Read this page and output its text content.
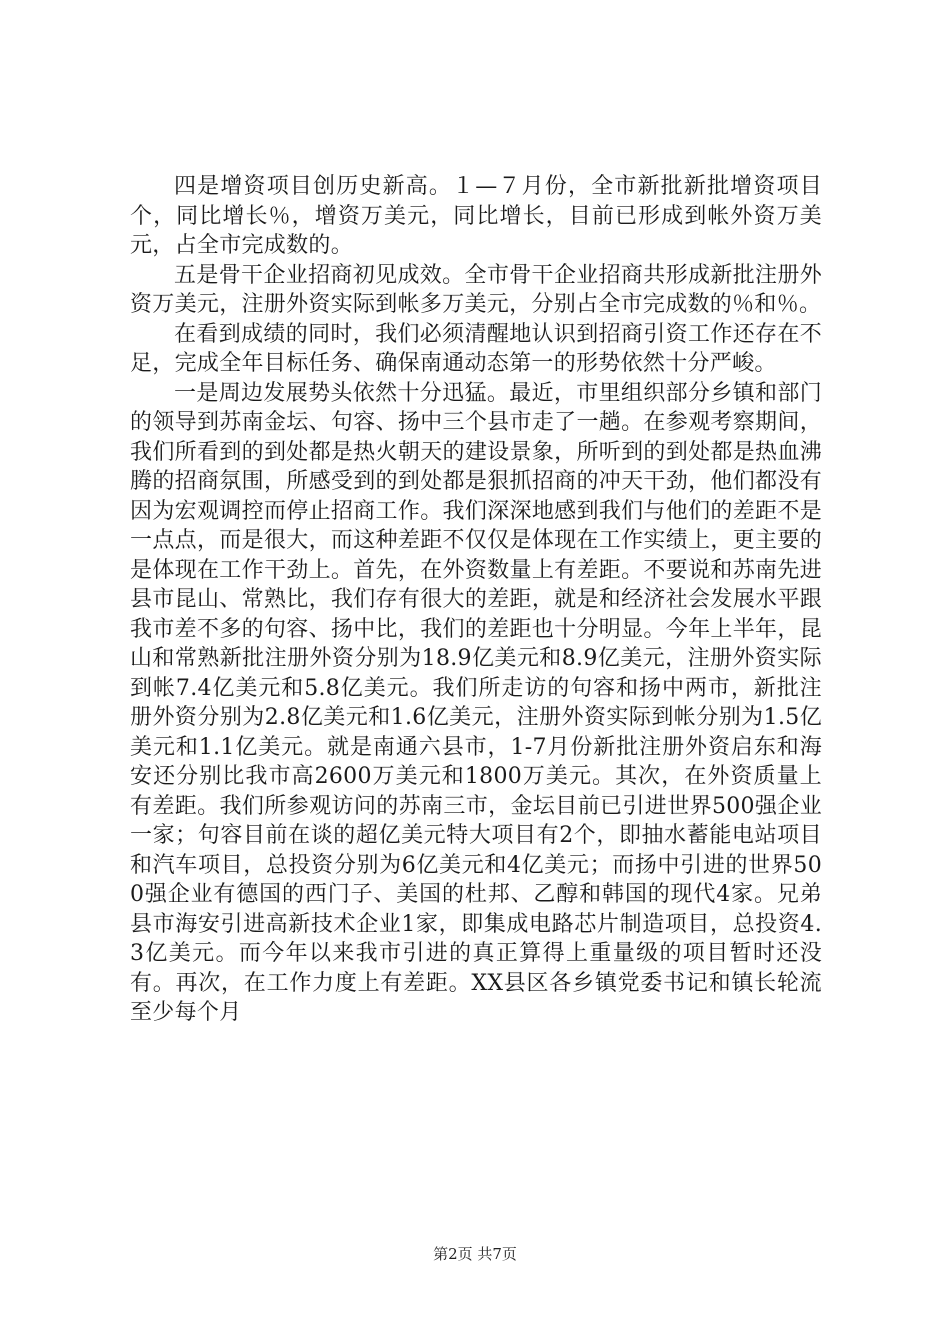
四是增资项目创历史新高。１—７月份，全市新批新批增资项目个，同比增长％，增资万美元，同比增长，目前已形成到帐外资万美元，占全市完成数的。

五是骨干企业招商初见成效。全市骨干企业招商共形成新批注册外资万美元，注册外资实际到帐多万美元，分别占全市完成数的％和％。

在看到成绩的同时，我们必须清醒地认识到招商引资工作还存在不足，完成全年目标任务、确保南通动态第一的形势依然十分严峻。

一是周边发展势头依然十分迅猛。最近，市里组织部分乡镇和部门的领导到苏南金坛、句容、扬中三个县市走了一趟。在参观考察期间，我们所看到的到处都是热火朝天的建设景象，所听到的到处都是热血沸腾的招商氛围，所感受到的到处都是狠抓招商的冲天干劲，他们都没有因为宏观调控而停止招商工作。我们深深地感到我们与他们的差距不是一点点，而是很大，而这种差距不仅仅是体现在工作实绩上，更主要的是体现在工作干劲上。首先，在外资数量上有差距。不要说和苏南先进县市昆山、常熟比，我们存有很大的差距，就是和经济社会发展水平跟我市差不多的句容、扬中比，我们的差距也十分明显。今年上半年，昆山和常熟新批注册外资分别为18.9亿美元和8.9亿美元，注册外资实际到帐7.4亿美元和5.8亿美元。我们所走访的句容和扬中两市，新批注册外资分别为2.8亿美元和1.6亿美元，注册外资实际到帐分别为1.5亿美元和1.1亿美元。就是南通六县市，1-7月份新批注册外资启东和海安还分别比我市高2600万美元和1800万美元。其次，在外资质量上有差距。我们所参观访问的苏南三市，金坛目前已引进世界500强企业一家；句容目前在谈的超亿美元特大项目有2个，即抽水蓄能电站项目和汽车项目，总投资分别为6亿美元和4亿美元；而扬中引进的世界500强企业有德国的西门子、美国的杜邦、乙醇和韩国的现代4家。兄弟县市海安引进高新技术企业1家，即集成电路芯片制造项目，总投资4.3亿美元。而今年以来我市引进的真正算得上重量级的项目暂时还没有。再次，在工作力度上有差距。XX县区各乡镇党委书记和镇长轮流至少每个月

第2页 共7页
